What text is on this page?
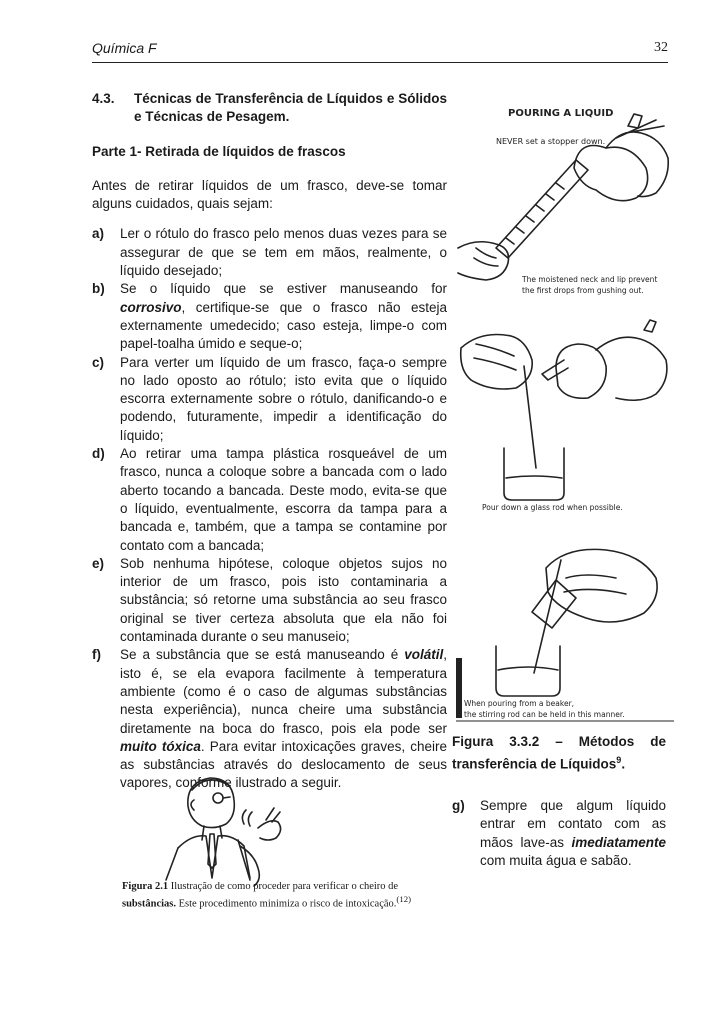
Química F	32
4.3.	Técnicas de Transferência de Líquidos e Sólidos e Técnicas de Pesagem.
Parte 1- Retirada de líquidos de frascos
Antes de retirar líquidos de um frasco, deve-se tomar alguns cuidados, quais sejam:
a)	Ler o rótulo do frasco pelo menos duas vezes para se assegurar de que se tem em mãos, realmente, o líquido desejado;
b)	Se o líquido que se estiver manuseando for corrosivo, certifique-se que o frasco não esteja externamente umedecido; caso esteja, limpe-o com papel-toalha úmido e seque-o;
c)	Para verter um líquido de um frasco, faça-o sempre no lado oposto ao rótulo; isto evita que o líquido escorra externamente sobre o rótulo, danificando-o e podendo, futuramente, impedir a identificação do líquido;
d)	Ao retirar uma tampa plástica rosqueável de um frasco, nunca a coloque sobre a bancada com o lado aberto tocando a bancada. Deste modo, evita-se que o líquido, eventualmente, escorra da tampa para a bancada e, também, que a tampa se contamine por contato com a bancada;
e)	Sob nenhuma hipótese, coloque objetos sujos no interior de um frasco, pois isto contaminaria a substância; só retorne uma substância ao seu frasco original se tiver certeza absoluta que ela não foi contaminada durante o seu manuseio;
f)	Se a substância que se está manuseando é volátil, isto é, se ela evapora facilmente à temperatura ambiente (como é o caso de algumas substâncias nesta experiência), nunca cheire uma substância diretamente na boca do frasco, pois ela pode ser muito tóxica. Para evitar intoxicações graves, cheire as substâncias através do deslocamento de seus vapores, conforme ilustrado a seguir.
POURING A LIQUID
NEVER set a stopper down.
The moistened neck and lip prevent
the first drops from gushing out.
Pour down a glass rod when possible.
When pouring from a beaker,
the stirring rod can be held in this manner.
Figura 3.3.2 – Métodos de transferência de Líquidos$^9$.
g)	Sempre que algum líquido entrar em contato com as mãos lave-as imediatamente com muita água e sabão.
Figura 2.1 Ilustração de como proceder para verificar o cheiro de substâncias. Este procedimento minimiza o risco de intoxicação.$^{(12)}$
